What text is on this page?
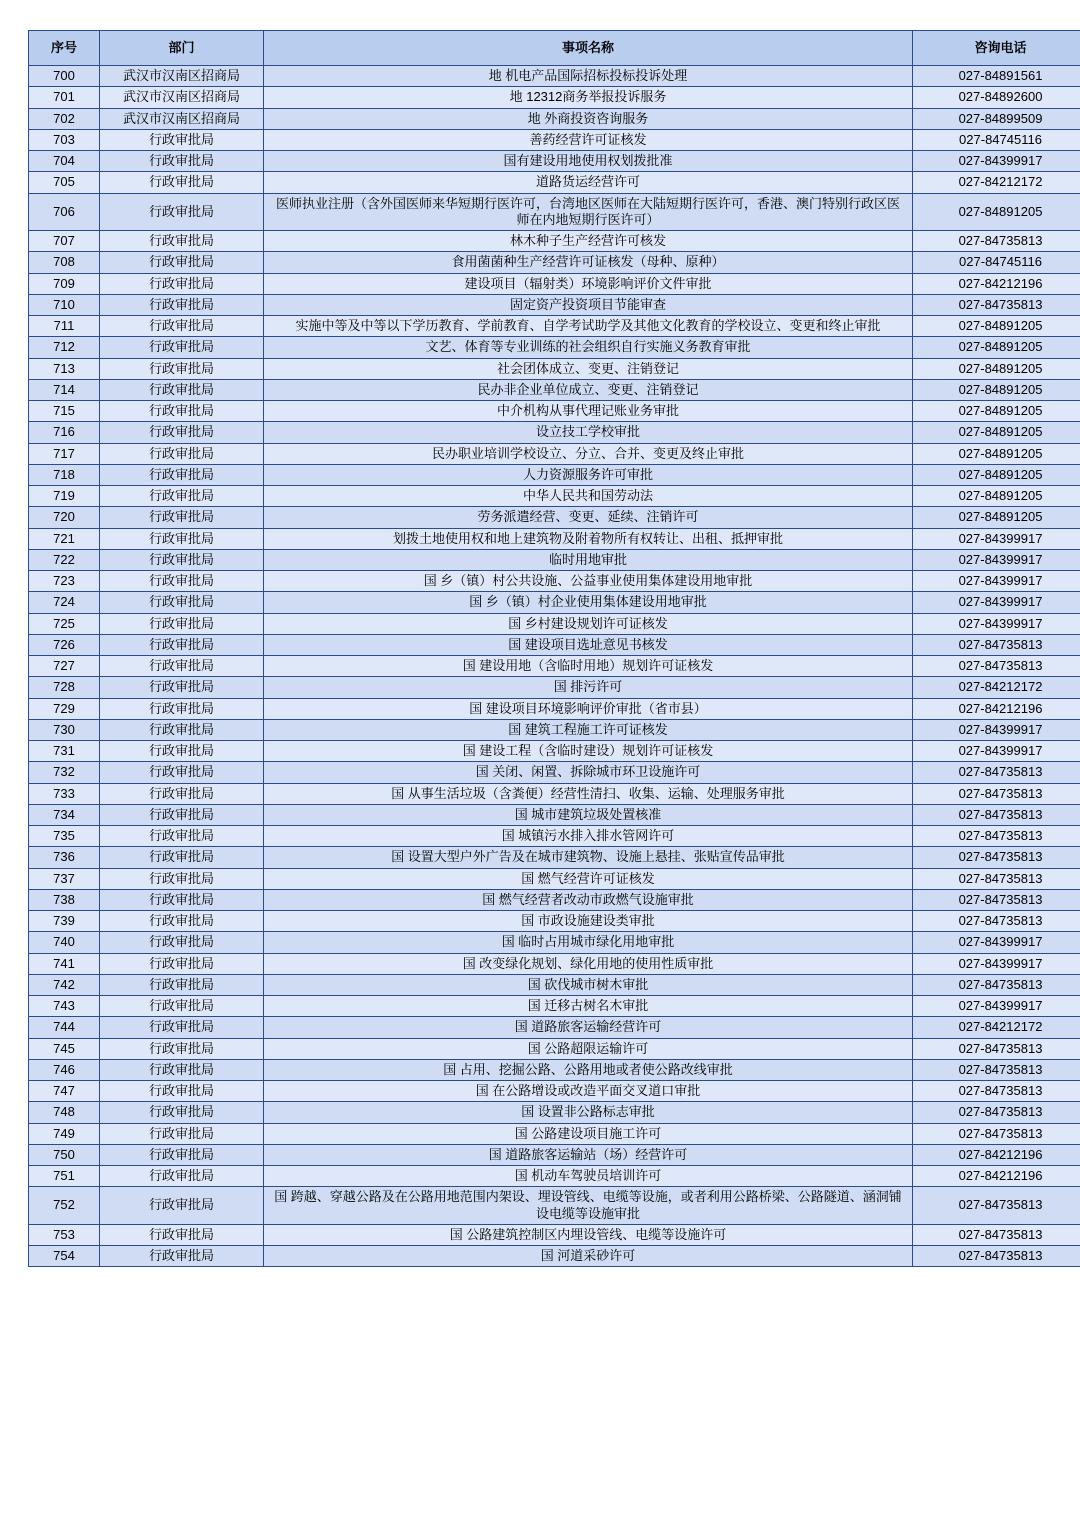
序号	部门	事项名称	咨询电话
700	武汉市汉南区招商局	地 机电产品国际招标投标投诉处理	027-84891561
701	武汉市汉南区招商局	地 12312商务举报投诉服务	027-84892600
702	武汉市汉南区招商局	地 外商投资咨询服务	027-84899509
703	行政审批局	善药经营许可证核发	027-84745116
704	行政审批局	国有建设用地使用权划拨批准	027-84399917
705	行政审批局	道路货运经营许可	027-84212172
706	行政审批局	医师执业注册（含外国医师来华短期行医许可，台湾地区医师在大陆短期行医许可，香港、澳门特别行政区医师在内地短期行医许可）	027-84891205
707	行政审批局	林木种子生产经营许可核发	027-84735813
708	行政审批局	食用菌菌种生产经营许可证核发（母种、原种）	027-84745116
709	行政审批局	建设项目（辐射类）环境影响评价文件审批	027-84212196
710	行政审批局	固定资产投资项目节能审查	027-84735813
711	行政审批局	实施中等及中等以下学历教育、学前教育、自学考试助学及其他文化教育的学校设立、变更和终止审批	027-84891205
712	行政审批局	文艺、体育等专业训练的社会组织自行实施义务教育审批	027-84891205
713	行政审批局	社会团体成立、变更、注销登记	027-84891205
714	行政审批局	民办非企业单位成立、变更、注销登记	027-84891205
715	行政审批局	中介机构从事代理记账业务审批	027-84891205
716	行政审批局	设立技工学校审批	027-84891205
717	行政审批局	民办职业培训学校设立、分立、合并、变更及终止审批	027-84891205
718	行政审批局	人力资源服务许可审批	027-84891205
719	行政审批局	中华人民共和国劳动法	027-84891205
720	行政审批局	劳务派遣经营、变更、延续、注销许可	027-84891205
721	行政审批局	划拨土地使用权和地上建筑物及附着物所有权转让、出租、抵押审批	027-84399917
722	行政审批局	临时用地审批	027-84399917
723	行政审批局	国 乡（镇）村公共设施、公益事业使用集体建设用地审批	027-84399917
724	行政审批局	国 乡（镇）村企业使用集体建设用地审批	027-84399917
725	行政审批局	国 乡村建设规划许可证核发	027-84399917
726	行政审批局	国 建设项目选址意见书核发	027-84735813
727	行政审批局	国 建设用地（含临时用地）规划许可证核发	027-84735813
728	行政审批局	国 排污许可	027-84212172
729	行政审批局	国 建设项目环境影响评价审批（省市县）	027-84212196
730	行政审批局	国 建筑工程施工许可证核发	027-84399917
731	行政审批局	国 建设工程（含临时建设）规划许可证核发	027-84399917
732	行政审批局	国 关闭、闲置、拆除城市环卫设施许可	027-84735813
733	行政审批局	国 从事生活垃圾（含粪便）经营性清扫、收集、运输、处理服务审批	027-84735813
734	行政审批局	国 城市建筑垃圾处置核准	027-84735813
735	行政审批局	国 城镇污水排入排水管网许可	027-84735813
736	行政审批局	国 设置大型户外广告及在城市建筑物、设施上悬挂、张贴宣传品审批	027-84735813
737	行政审批局	国 燃气经营许可证核发	027-84735813
738	行政审批局	国 燃气经营者改动市政燃气设施审批	027-84735813
739	行政审批局	国 市政设施建设类审批	027-84735813
740	行政审批局	国 临时占用城市绿化用地审批	027-84399917
741	行政审批局	国 改变绿化规划、绿化用地的使用性质审批	027-84399917
742	行政审批局	国 砍伐城市树木审批	027-84735813
743	行政审批局	国 迁移古树名木审批	027-84399917
744	行政审批局	国 道路旅客运输经营许可	027-84212172
745	行政审批局	国 公路超限运输许可	027-84735813
746	行政审批局	国 占用、挖掘公路、公路用地或者使公路改线审批	027-84735813
747	行政审批局	国 在公路增设或改造平面交叉道口审批	027-84735813
748	行政审批局	国 设置非公路标志审批	027-84735813
749	行政审批局	国 公路建设项目施工许可	027-84735813
750	行政审批局	国 道路旅客运输站（场）经营许可	027-84212196
751	行政审批局	国 机动车驾驶员培训许可	027-84212196
752	行政审批局	国 跨越、穿越公路及在公路用地范围内架设、埋设管线、电缆等设施，或者利用公路桥梁、公路隧道、涵洞铺设电缆等设施审批	027-84735813
753	行政审批局	国 公路建筑控制区内埋设管线、电缆等设施许可	027-84735813
754	行政审批局	国 河道采砂许可	027-84735813
